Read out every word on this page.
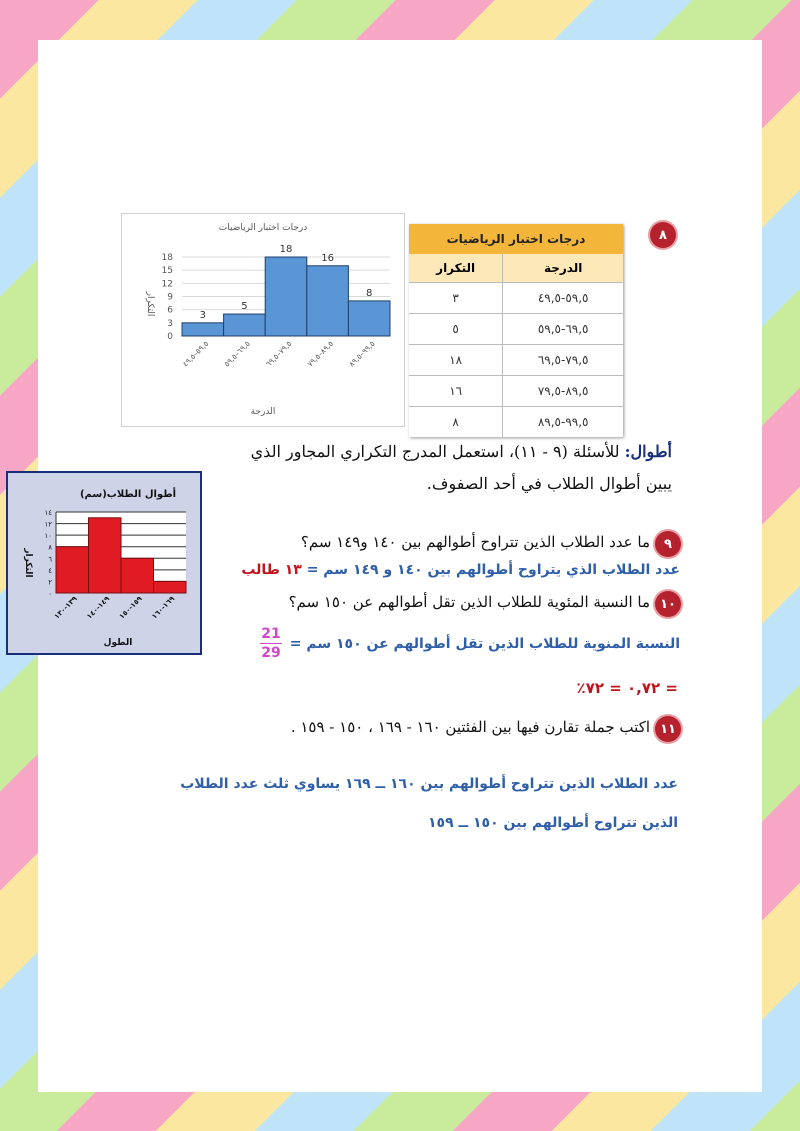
٨
درجات اختبار الرياضيات
التكرار
الدرجة
0
3
6
9
12
15
18
3
٥٩,٥–٤٩,٥
5
٦٩,٥–٥٩,٥
18
٧٩,٥–٦٩,٥
16
٨٩,٥–٧٩,٥
8
٩٩,٥–٨٩,٥
درجات اختبار الرياضيات	
الدرجة	التكرار
٥٩,٥-٤٩,٥	٣
٦٩,٥-٥٩,٥	٥
٧٩,٥-٦٩,٥	١٨
٨٩,٥-٧٩,٥	١٦
٩٩,٥-٨٩,٥	٨
أطوال: للأسئلة (٩ - ١١)، استعمل المدرج التكراري المجاور الذي
يبين أطوال الطلاب في أحد الصفوف.
أطوال الطلاب(سم)
التكرار
الطول
٠
٢
٤
٦
٨
١٠
١٢
١٤
١٣٩-١٣٠
١٤٩-١٤٠
١٥٩-١٥٠
١٦٩-١٦٠
٩
ما عدد الطلاب الذين تتراوح أطوالهم بين ١٤٠ و١٤٩ سم؟
عدد الطلاب الذي يتراوح أطوالهم بين ١٤٠ و ١٤٩ سم = ١٣ طالب
١٠
ما النسبة المئوية للطلاب الذين تقل أطوالهم عن ١٥٠ سم؟
النسبة المنوية للطلاب الذين تقل أطوالهم عن ١٥٠ سم =
21
29
= ٠,٧٢ = ٧٢٪
١١
اكتب جملة تقارن فيها بين الفئتين ١٦٠ - ١٦٩ ، ١٥٠ - ١٥٩ .
عدد الطلاب الذين تتراوح أطوالهم بين ١٦٠ ــ ١٦٩ يساوي ثلث عدد الطلاب
الذين تتراوح أطوالهم بين ١٥٠ ــ ١٥٩
